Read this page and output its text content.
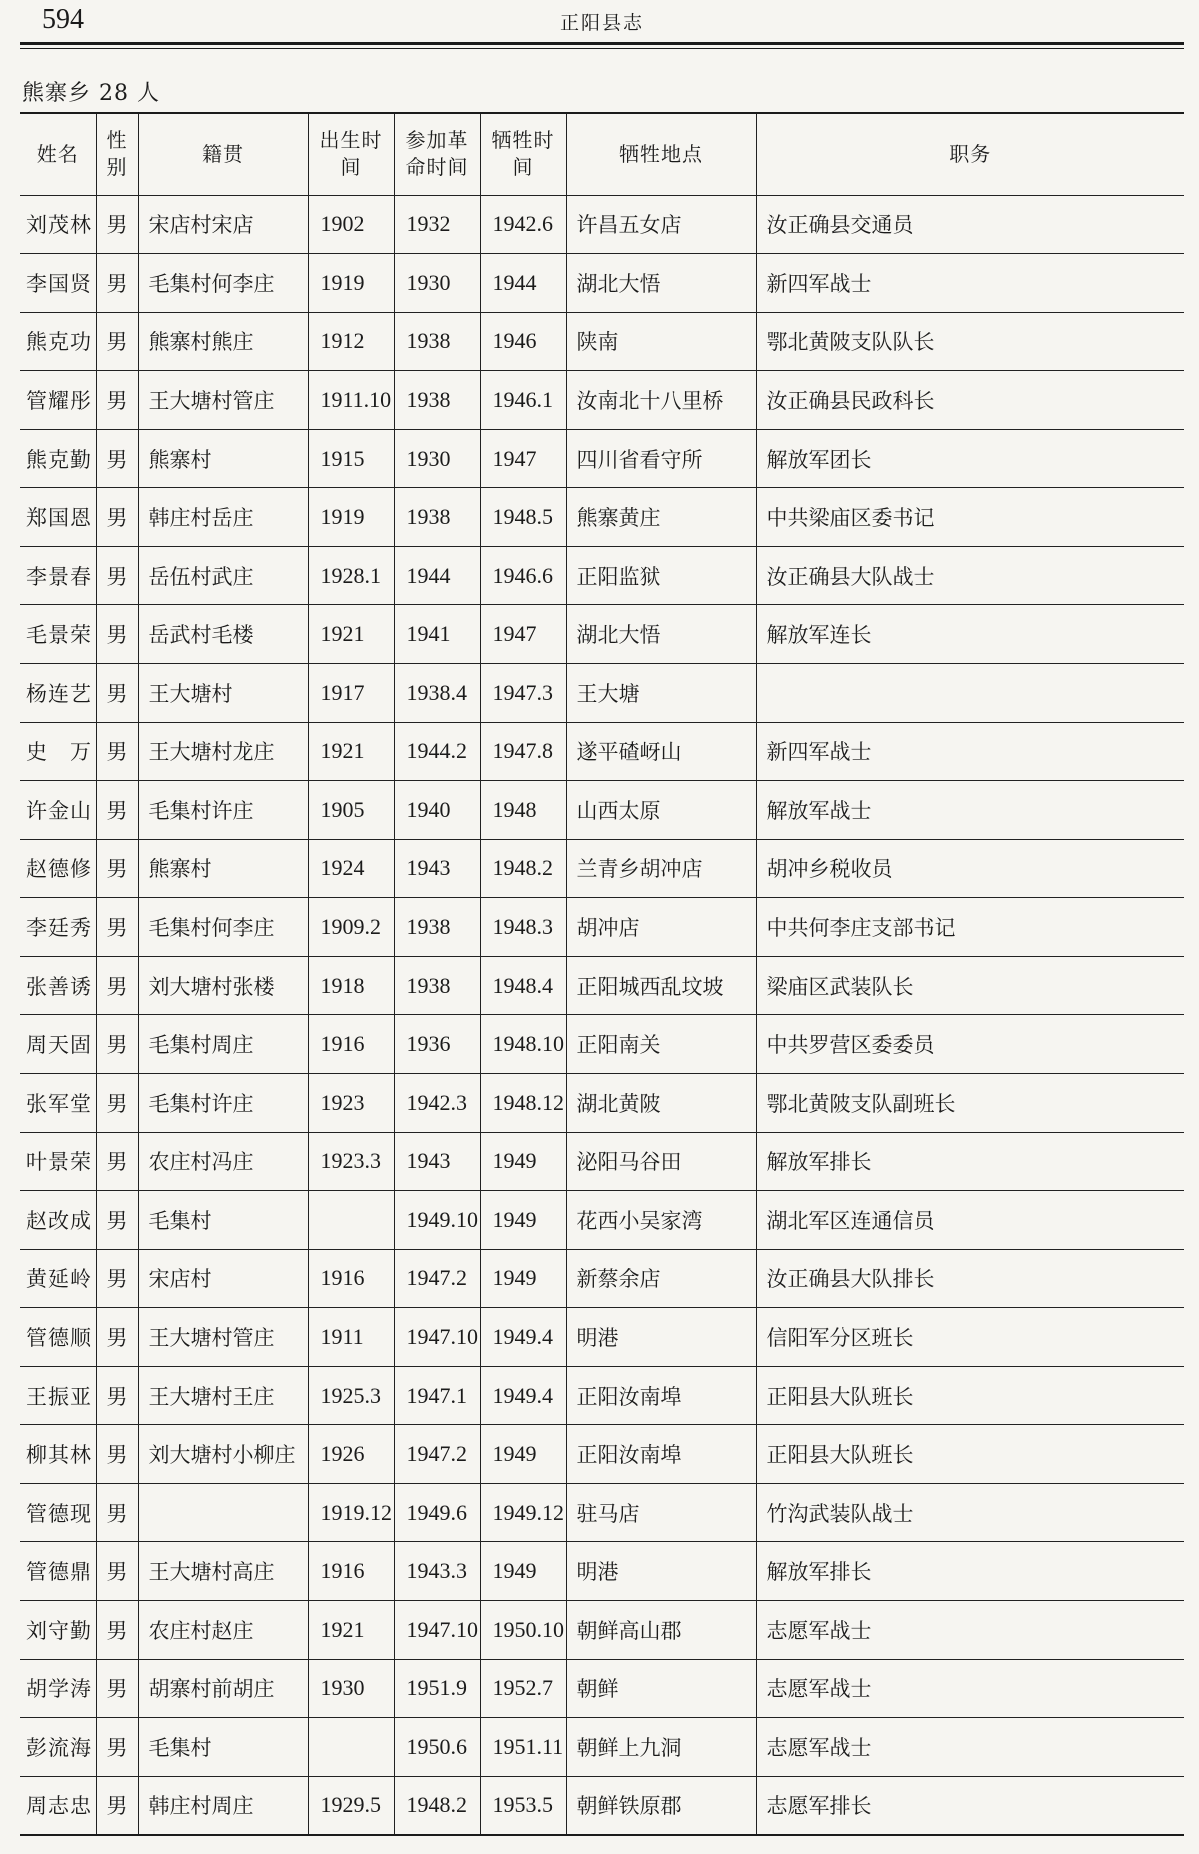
594	正阳县志
熊寨乡 28 人
姓名	性别	籍贯	出生时间	参加革命时间	牺牲时间	牺牲地点	职务
刘茂林	男	宋店村宋店	1902	1932	1942.6	许昌五女店	汝正确县交通员
李国贤	男	毛集村何李庄	1919	1930	1944	湖北大悟	新四军战士
熊克功	男	熊寨村熊庄	1912	1938	1946	陕南	鄂北黄陂支队队长
管耀彤	男	王大塘村管庄	1911.10	1938	1946.1	汝南北十八里桥	汝正确县民政科长
熊克勤	男	熊寨村	1915	1930	1947	四川省看守所	解放军团长
郑国恩	男	韩庄村岳庄	1919	1938	1948.5	熊寨黄庄	中共梁庙区委书记
李景春	男	岳伍村武庄	1928.1	1944	1946.6	正阳监狱	汝正确县大队战士
毛景荣	男	岳武村毛楼	1921	1941	1947	湖北大悟	解放军连长
杨连艺	男	王大塘村	1917	1938.4	1947.3	王大塘	
史　万	男	王大塘村龙庄	1921	1944.2	1947.8	遂平碴岈山	新四军战士
许金山	男	毛集村许庄	1905	1940	1948	山西太原	解放军战士
赵德修	男	熊寨村	1924	1943	1948.2	兰青乡胡冲店	胡冲乡税收员
李廷秀	男	毛集村何李庄	1909.2	1938	1948.3	胡冲店	中共何李庄支部书记
张善诱	男	刘大塘村张楼	1918	1938	1948.4	正阳城西乱坟坡	梁庙区武装队长
周天固	男	毛集村周庄	1916	1936	1948.10	正阳南关	中共罗营区委委员
张军堂	男	毛集村许庄	1923	1942.3	1948.12	湖北黄陂	鄂北黄陂支队副班长
叶景荣	男	农庄村冯庄	1923.3	1943	1949	泌阳马谷田	解放军排长
赵改成	男	毛集村		1949.10	1949	花西小吴家湾	湖北军区连通信员
黄延岭	男	宋店村	1916	1947.2	1949	新蔡余店	汝正确县大队排长
管德顺	男	王大塘村管庄	1911	1947.10	1949.4	明港	信阳军分区班长
王振亚	男	王大塘村王庄	1925.3	1947.1	1949.4	正阳汝南埠	正阳县大队班长
柳其林	男	刘大塘村小柳庄	1926	1947.2	1949	正阳汝南埠	正阳县大队班长
管德现	男		1919.12	1949.6	1949.12	驻马店	竹沟武装队战士
管德鼎	男	王大塘村高庄	1916	1943.3	1949	明港	解放军排长
刘守勤	男	农庄村赵庄	1921	1947.10	1950.10	朝鲜高山郡	志愿军战士
胡学涛	男	胡寨村前胡庄	1930	1951.9	1952.7	朝鲜	志愿军战士
彭流海	男	毛集村		1950.6	1951.11	朝鲜上九洞	志愿军战士
周志忠	男	韩庄村周庄	1929.5	1948.2	1953.5	朝鲜铁原郡	志愿军排长
